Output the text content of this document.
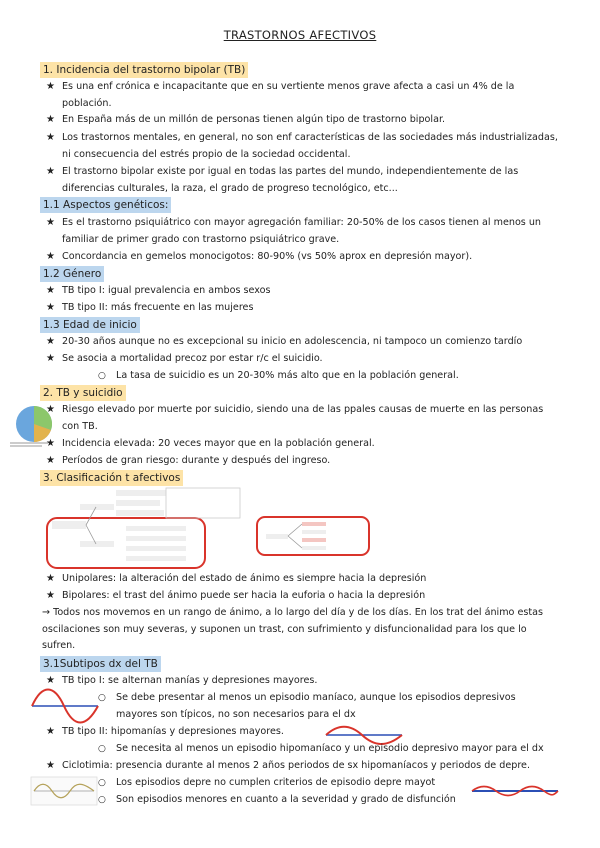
TRASTORNOS AFECTIVOS
1. Incidencia del trastorno bipolar (TB)
★ Es una enf crónica e incapacitante que en su vertiente menos grave afecta a casi un 4% de la población.
★ En España más de un millón de personas tienen algún tipo de trastorno bipolar.
★ Los trastornos mentales, en general, no son enf características de las sociedades más industrializadas, ni consecuencia del estrés propio de la sociedad occidental.
★ El trastorno bipolar existe por igual en todas las partes del mundo, independientemente de las diferencias culturales, la raza, el grado de progreso tecnológico, etc...
1.1 Aspectos genéticos:
★ Es el trastorno psiquiátrico con mayor agregación familiar: 20-50% de los casos tienen al menos un familiar de primer grado con trastorno psiquiátrico grave.
★ Concordancia en gemelos monocigotos: 80-90% (vs 50% aprox en depresión mayor).
1.2 Género
★ TB tipo I: igual prevalencia en ambos sexos
★ TB tipo II: más frecuente en las mujeres
1.3 Edad de inicio
★ 20-30 años aunque no es excepcional su inicio en adolescencia, ni tampoco un comienzo tardío
★ Se asocia a mortalidad precoz por estar r/c el suicidio.
○ La tasa de suicidio es un 20-30% más alto que en la población general.
2. TB y suicidio
★ Riesgo elevado por muerte por suicidio, siendo una de las ppales causas de muerte en las personas con TB.
★ Incidencia elevada: 20 veces mayor que en la población general.
★ Períodos de gran riesgo: durante y después del ingreso.
3. Clasificación t afectivos
★ Unipolares: la alteración del estado de ánimo es siempre hacia la depresión
★ Bipolares: el trast del ánimo puede ser hacia la euforia o hacia la depresión
→ Todos nos movemos en un rango de ánimo, a lo largo del día y de los días. En los trat del ánimo estas oscilaciones son muy severas, y suponen un trast, con sufrimiento y disfuncionalidad para los que lo sufren.
3.1Subtipos dx del TB
★ TB tipo I: se alternan manías y depresiones mayores.
○ Se debe presentar al menos un episodio maníaco, aunque los episodios depresivos mayores son típicos, no son necesarios para el dx
★ TB tipo II: hipomanías y depresiones mayores.
○ Se necesita al menos un episodio hipomaníaco y un episodio depresivo mayor para el dx
★ Ciclotimia: presencia durante al menos 2 años periodos de sx hipomaníacos y periodos de depre.
○ Los episodios depre no cumplen criterios de episodio depre mayot
○ Son episodios menores en cuanto a la severidad y grado de disfunción
